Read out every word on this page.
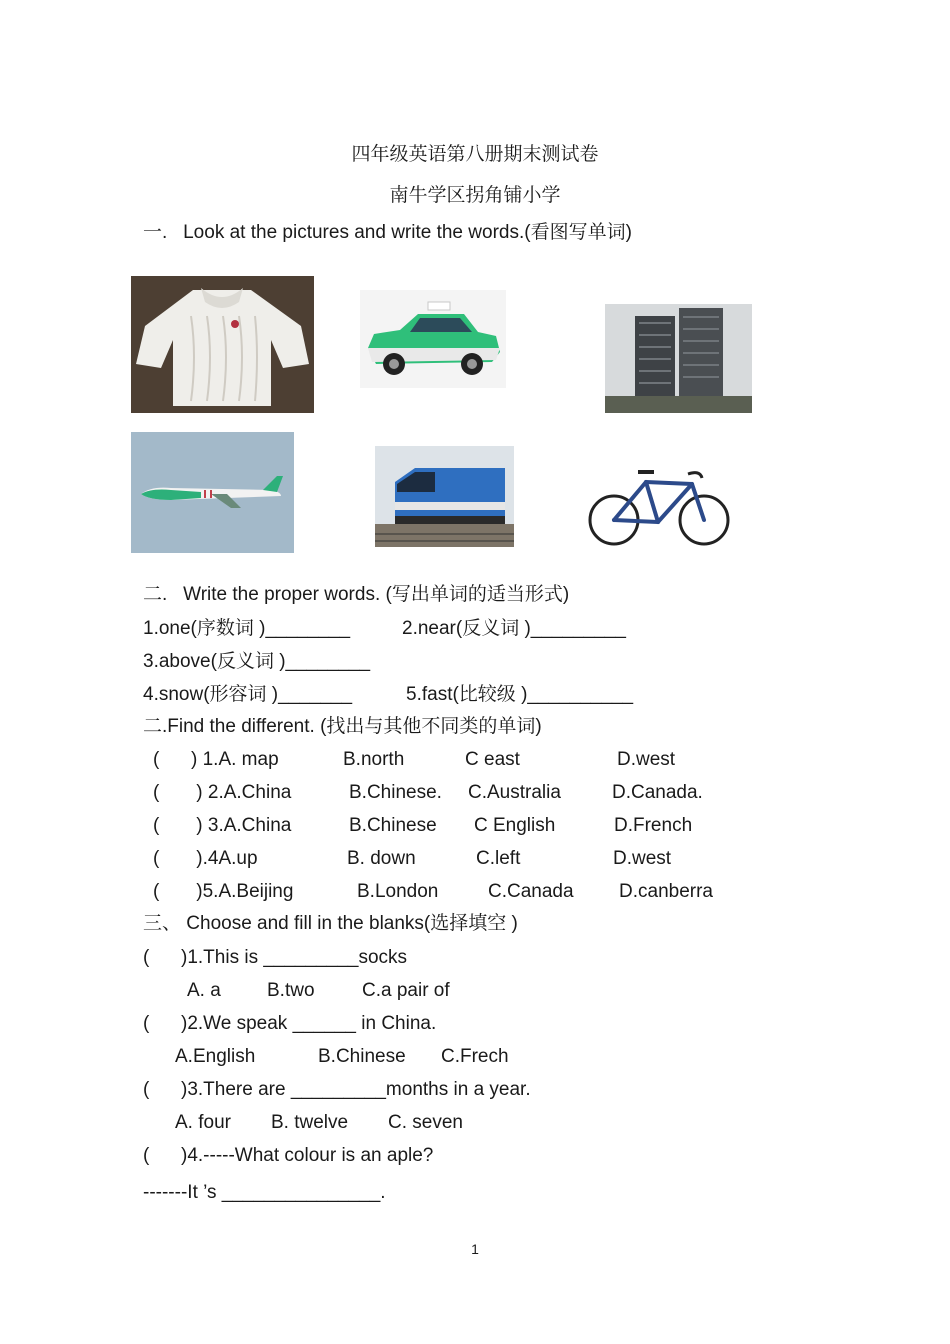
四年级英语第八册期末测试卷
南牛学区拐角铺小学
一.   Look at the pictures and write the words.(看图写单词)
二.   Write the proper words. (写出单词的适当形式)
1.one(序数词 )________	2.near(反义词 )_________
3.above(反义词 )________
4.snow(形容词 )_______	5.fast(比较级 )__________
二.Find the different. (找出与其他不同类的单词)
(      ) 1.A. map	B.north	C east	D.west
(       ) 2.A.China	B.Chinese. C.Australia	D.Canada.
(       ) 3.A.China	B.Chinese C English	D.French
(       ).4A.up	B. down	C.left	D.west
(       )5.A.Beijing	B.London	C.Canada D.canberra
三、 Choose and fill in the blanks(选择填空 )
(      )1.This is _________socks
A. a B.two C.a pair of
(      )2.We speak ______ in China.
A.English	B.Chinese C.Frech
(      )3.There are _________months in a year.
A. four B. twelve C. seven
(      )4.-----What colour is an aple?
-------It ’s _______________.
1
